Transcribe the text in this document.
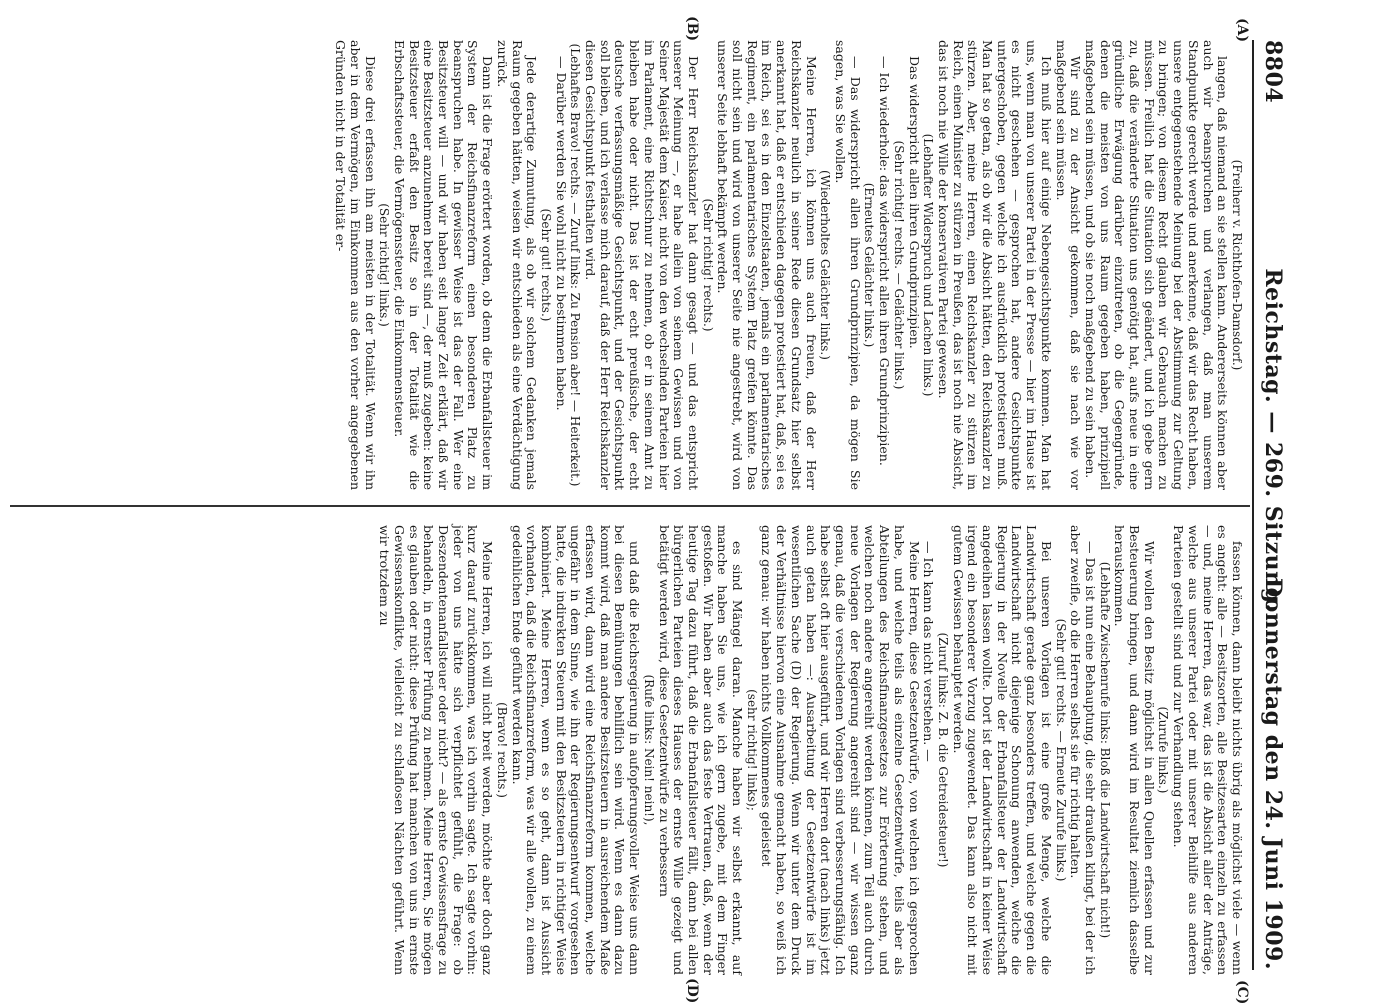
8804
Reichstag. — 269. Sitzung.
Donnerstag den 24. Juni 1909.
(A)
(B)
(C)
(D)

(Freiherr v. Richthofen-Damsdorf.)

langen, daß niemand an sie stellen kann. Andererseits können aber auch wir beanspruchen und verlangen, daß man unserem Standpunkte gerecht werde und anerkenne, daß wir das Recht haben, unsere entgegenstehende Meinung bei der Abstimmung zur Geltung zu bringen; von diesem Recht glauben wir Gebrauch machen zu müssen. Freilich hat die Situation sich geändert, und ich gebe gern zu, daß die veränderte Situation uns genötigt hat, aufs neue in eine gründliche Erwägung darüber einzutreten, ob die Gegengründe, denen die meisten von uns Raum gegeben haben, prinzipiell maßgebend sein müssen, und ob sie noch maßgebend zu sein haben.

Wir sind zu der Ansicht gekommen, daß sie nach wie vor maßgebend sein müssen.

Ich muß hier auf einige Nebengesichtspunkte kommen. Man hat uns, wenn man von unserer Partei in der Presse — hier im Hause ist es nicht geschehen — gesprochen hat, andere Gesichtspunkte untergeschoben, gegen welche ich ausdrücklich protestieren muß. Man hat so getan, als ob wir die Absicht hätten, den Reichskanzler zu stürzen. Aber, meine Herren, einen Reichskanzler zu stürzen im Reich, einen Minister zu stürzen in Preußen, das ist noch nie Absicht, das ist noch nie Wille der konservativen Partei gewesen.

(Lebhafter Widerspruch und Lachen links.)

Das widerspricht allen ihren Grundprinzipien.

(Sehr richtig! rechts. — Gelächter links.)

— Ich wiederhole: das widerspricht allen ihren Grundprinzipien.

(Erneutes Gelächter links.)

— Das widerspricht allen ihren Grundprinzipien, da mögen Sie sagen, was Sie wollen.

(Wiederholtes Gelächter links.)

Meine Herren, ich können uns auch freuen, daß der Herr Reichskanzler neulich in seiner Rede diesen Grundsatz hier selbst anerkannt hat, daß er entschieden dagegen protestiert hat, daß, sei es im Reich, sei es in den Einzelstaaten, jemals ein parlamentarisches Regiment, ein parlamentarisches System Platz greifen könnte. Das soll nicht sein und wird von unserer Seite nie angestrebt, wird von unserer Seite lebhaft bekämpft werden.

(Sehr richtig! rechts.)

Der Herr Reichskanzler hat dann gesagt — und das entspricht unserer Meinung —, er habe allein von seinem Gewissen und von Seiner Majestät dem Kaiser, nicht von den wechselnden Parteien hier im Parlament, eine Richtschnur zu nehmen, ob er in seinem Amt zu bleiben habe oder nicht. Das ist der echt preußische, der echt deutsche verfassungsmäßige Gesichtspunkt, und der Gesichtspunkt soll bleiben, und ich verlasse mich darauf, daß der Herr Reichskanzler diesen Gesichtspunkt festhalten wird.

(Lebhaftes Bravo! rechts. — Zuruf links: Zu Pension aber! — Heiterkeit.)

— Darüber werden Sie wohl nicht zu bestimmen haben.

(Sehr gut! rechts.)

Jede derartige Zumutung, als ob wir solchem Gedanken jemals Raum gegeben hätten, weisen wir entschieden als eine Verdächtigung zurück.

Dann ist die Frage erörtert worden, ob denn die Erbanfallsteuer im System der Reichsfinanzreform einen besonderen Platz zu beanspruchen habe. In gewisser Weise ist das der Fall. Wer eine Besitzsteuer will — und wir haben seit langer Zeit erklärt, daß wir eine Besitzsteuer anzunehmen bereit sind —, der muß zugeben: keine Besitzsteuer erfaßt den Besitz so in der Totalität wie die Erbschaftssteuer, die Vermögenssteuer, die Einkommensteuer.

(Sehr richtig! links.)

Diese drei erfassen ihn am meisten in der Totalität. Wenn wir ihn aber in dem Vermögen, im Einkommen aus den vorher angegebenen Gründen nicht in der Totalität er-

fassen können, dann bleibt nichts übrig als möglichst viele — wenn es angeht: alle — Besitzsorten, alle Besitzesarten einzeln zu erfassen — und, meine Herren, das war, das ist die Absicht aller der Anträge, welche aus unserer Partei oder mit unserer Beihilfe aus anderen Parteien gestellt sind und zur Verhandlung stehen.

(Zurufe links.)

Wir wollen den Besitz möglichst in allen Quellen erfassen und zur Besteuerung bringen, und dann wird im Resultat ziemlich dasselbe herauskommen.

(Lebhafte Zwischenrufe links: Bloß die Landwirtschaft nicht!)

— Das ist nun eine Behauptung, die sehr draußen klingt, bei der ich aber zweifle, ob die Herren selbst sie für richtig halten.

(Sehr gut! rechts. — Erneute Zurufe links.)

Bei unseren Vorlagen ist eine große Menge, welche die Landwirtschaft gerade ganz besonders treffen, und welche gegen die Landwirtschaft nicht diejenige Schonung anwenden, welche die Regierung in der Novelle der Erbanfallsteuer der Landwirtschaft angedeihen lassen wollte. Dort ist der Landwirtschaft in keiner Weise irgend ein besonderer Vorzug zugewendet. Das kann also nicht mit gutem Gewissen behauptet werden.

(Zuruf links: Z. B. die Getreidesteuer!)

— Ich kann das nicht verstehen. —

Meine Herren, diese Gesetzentwürfe, von welchen ich gesprochen habe, und welche teils als einzelne Gesetzentwürfe, teils aber als Abteilungen des Reichsfinanzgesetzes zur Erörterung stehen, und welchen noch andere angereiht werden können, zum Teil auch durch neue Vorlagen der Regierung angereiht sind — wir wissen ganz genau, daß die verschiedenen Vorlagen sind verbesserungsfähig. Ich habe selbst oft hier ausgeführt, und wir Herren dort (nach links) jetzt auch getan haben —: Ausarbeitung der Gesetzentwürfe ist im wesentlichen Sache (D) der Regierung. Wenn wir unter dem Druck der Verhältnisse hiervon eine Ausnahme gemacht haben, so weiß ich ganz genau: wir haben nichts Vollkommenes geleistet

(sehr richtig! links);

es sind Mängel daran. Manche haben wir selbst erkannt, auf manche haben Sie uns, wie ich gern zugebe, mit dem Finger gestoßen. Wir haben aber auch das feste Vertrauen, daß, wenn der heutige Tag dazu führt, daß die Erbanfallsteuer fällt, dann bei allen bürgerlichen Parteien dieses Hauses der ernste Wille gezeigt und betätigt werden wird, diese Gesetzentwürfe zu verbessern

(Rufe links: Nein! nein!),

und daß die Reichsregierung in aufopferungsvoller Weise uns dann bei diesen Bemühungen behilflich sein wird. Wenn es dann dazu kommt wird, daß man andere Besitzsteuern in ausreichendem Maße erfassen wird, dann wird eine Reichsfinanzreform kommen, welche ungefähr in dem Sinne, wie ihn der Regierungsentwurf vorgesehen hatte, die indirekten Steuern mit den Besitzsteuern in richtiger Weise kombiniert. Meine Herren, wenn es so geht, dann ist Aussicht vorhanden, daß die Reichsfinanzreform, was wir alle wollen, zu einem gedeihlichen Ende geführt werden kann.

(Bravo! rechts.)

Meine Herren, ich will nicht breit werden, möchte aber doch ganz kurz darauf zurückkommen, was ich vorhin sagte. Ich sagte vorhin: jeder von uns hätte sich verpflichtet gefühlt, die Frage: ob Deszendentenanfallsteuer oder nicht? — als ernste Gewissensfrage zu behandeln, in ernster Prüfung zu nehmen. Meine Herren, Sie mögen es glauben oder nicht: diese Prüfung hat manchen von uns in ernste Gewissenskonflikte, vielleicht zu schlaflosen Nächten geführt. Wenn wir trotzdem zu
